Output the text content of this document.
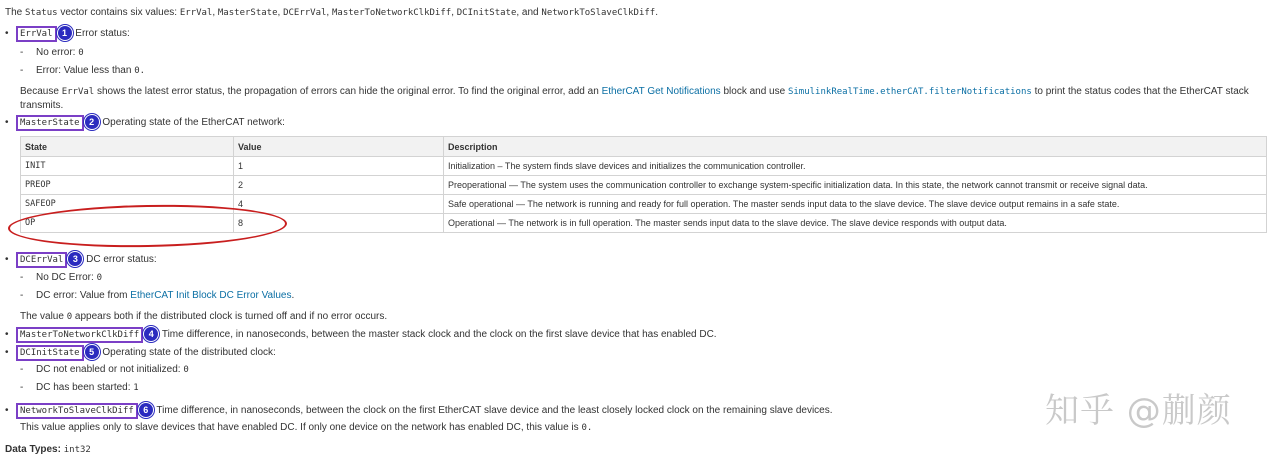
The Status vector contains six values: ErrVal, MasterState, DCErrVal, MasterToNetworkClkDiff, DCInitState, and NetworkToSlaveClkDiff.
•	ErrVal 1 Error status:
- No error: 0
- Error: Value less than 0.
Because ErrVal shows the latest error status, the propagation of errors can hide the original error. To find the original error, add an EtherCAT Get Notifications block and use SimulinkRealTime.etherCAT.filterNotifications to print the status codes that the EtherCAT stack transmits.
•	MasterState 2 Operating state of the EtherCAT network:
State	Value	Description
INIT	1	Initialization – The system finds slave devices and initializes the communication controller.
PREOP	2	Preoperational — The system uses the communication controller to exchange system-specific initialization data. In this state, the network cannot transmit or receive signal data.
SAFEOP	4	Safe operational — The network is running and ready for full operation. The master sends input data to the slave device. The slave device output remains in a safe state.
OP	8	Operational — The network is in full operation. The master sends input data to the slave device. The slave device responds with output data.
•	DCErrVal 3 DC error status:
- No DC Error: 0
- DC error: Value from EtherCAT Init Block DC Error Values.
The value 0 appears both if the distributed clock is turned off and if no error occurs.
•	MasterToNetworkClkDiff 4 Time difference, in nanoseconds, between the master stack clock and the clock on the first slave device that has enabled DC.
•	DCInitState 5 Operating state of the distributed clock:
- DC not enabled or not initialized: 0
- DC has been started: 1
•	NetworkToSlaveClkDiff 6 Time difference, in nanoseconds, between the clock on the first EtherCAT slave device and the least closely locked clock on the remaining slave devices.
This value applies only to slave devices that have enabled DC. If only one device on the network has enabled DC, this value is 0.
Data Types: int32
知乎 @蒯颜
